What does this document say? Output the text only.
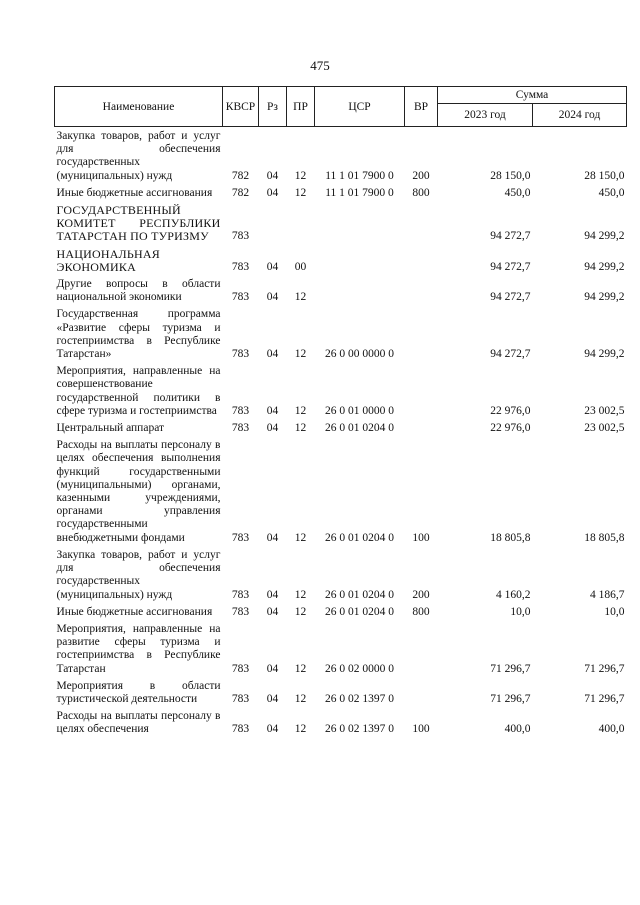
475
Наименование	КВСР	Рз	ПР	ЦСР	ВР	Сумма	
						2023 год	2024 год
Закупка товаров, работ и услуг для обеспечения государственных (муниципальных) нужд	782	04	12	11 1 01 7900 0	200	28 150,0	28 150,0
Иные бюджетные ассигнования	782	04	12	11 1 01 7900 0	800	450,0	450,0
ГОСУДАРСТВЕННЫЙ КОМИТЕТ РЕСПУБЛИКИ ТАТАРСТАН ПО ТУРИЗМУ	783					94 272,7	94 299,2
НАЦИОНАЛЬНАЯ ЭКОНОМИКА	783	04	00			94 272,7	94 299,2
Другие вопросы в области национальной экономики	783	04	12			94 272,7	94 299,2
Государственная программа «Развитие сферы туризма и гостеприимства в Республике Татарстан»	783	04	12	26 0 00 0000 0		94 272,7	94 299,2
Мероприятия, направленные на совершенствование государственной политики в сфере туризма и гостеприимства	783	04	12	26 0 01 0000 0		22 976,0	23 002,5
Центральный аппарат	783	04	12	26 0 01 0204 0		22 976,0	23 002,5
Расходы на выплаты персоналу в целях обеспечения выполнения функций государственными (муниципальными) органами, казенными учреждениями, органами управления государственными внебюджетными фондами	783	04	12	26 0 01 0204 0	100	18 805,8	18 805,8
Закупка товаров, работ и услуг для обеспечения государственных (муниципальных) нужд	783	04	12	26 0 01 0204 0	200	4 160,2	4 186,7
Иные бюджетные ассигнования	783	04	12	26 0 01 0204 0	800	10,0	10,0
Мероприятия, направленные на развитие сферы туризма и гостеприимства в Республике Татарстан	783	04	12	26 0 02 0000 0		71 296,7	71 296,7
Мероприятия в области туристической деятельности	783	04	12	26 0 02 1397 0		71 296,7	71 296,7
Расходы на выплаты персоналу в целях обеспечения	783	04	12	26 0 02 1397 0	100	400,0	400,0
